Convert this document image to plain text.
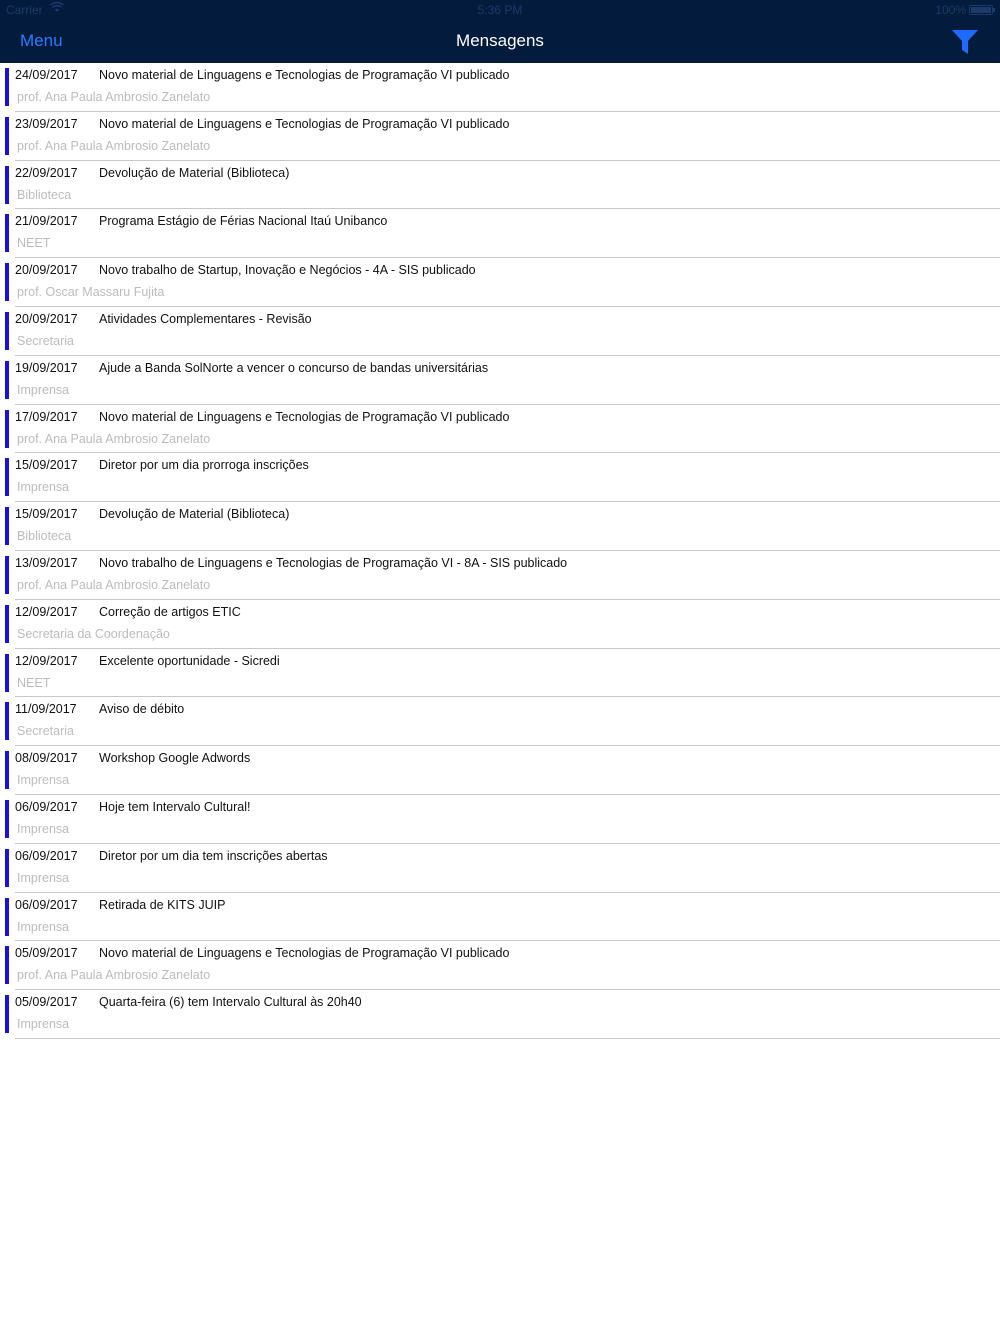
Carrier	5:36 PM	100%
Menu	Mensagens
24/09/2017 Novo material de Linguagens e Tecnologias de Programação VI publicado
prof. Ana Paula Ambrosio Zanelato
23/09/2017 Novo material de Linguagens e Tecnologias de Programação VI publicado
prof. Ana Paula Ambrosio Zanelato
22/09/2017 Devolução de Material (Biblioteca)
Biblioteca
21/09/2017 Programa Estágio de Férias Nacional Itaú Unibanco
NEET
20/09/2017 Novo trabalho de Startup, Inovação e Negócios - 4A - SIS publicado
prof. Oscar Massaru Fujita
20/09/2017 Atividades Complementares - Revisão
Secretaria
19/09/2017 Ajude a Banda SolNorte a vencer o concurso de bandas universitárias
Imprensa
17/09/2017 Novo material de Linguagens e Tecnologias de Programação VI publicado
prof. Ana Paula Ambrosio Zanelato
15/09/2017 Diretor por um dia prorroga inscrições
Imprensa
15/09/2017 Devolução de Material (Biblioteca)
Biblioteca
13/09/2017 Novo trabalho de Linguagens e Tecnologias de Programação VI - 8A - SIS publicado
prof. Ana Paula Ambrosio Zanelato
12/09/2017 Correção de artigos ETIC
Secretaria da Coordenação
12/09/2017 Excelente oportunidade - Sicredi
NEET
11/09/2017 Aviso de débito
Secretaria
08/09/2017 Workshop Google Adwords
Imprensa
06/09/2017 Hoje tem Intervalo Cultural!
Imprensa
06/09/2017 Diretor por um dia tem inscrições abertas
Imprensa
06/09/2017 Retirada de KITS JUIP
Imprensa
05/09/2017 Novo material de Linguagens e Tecnologias de Programação VI publicado
prof. Ana Paula Ambrosio Zanelato
05/09/2017 Quarta-feira (6) tem Intervalo Cultural às 20h40
Imprensa
